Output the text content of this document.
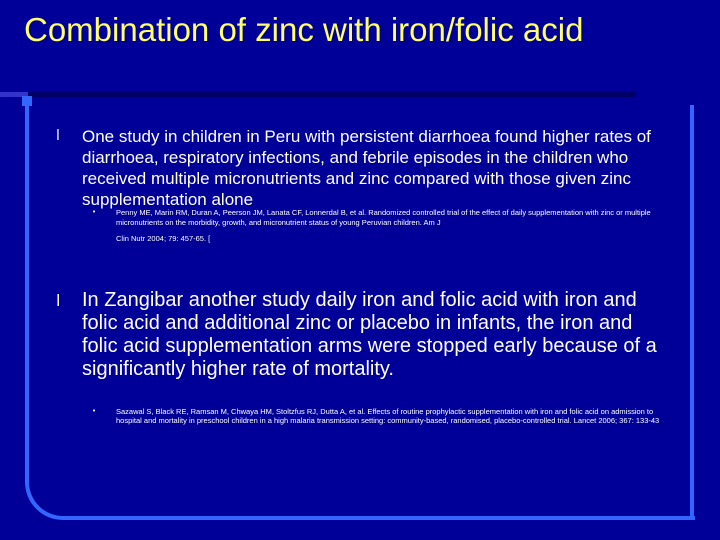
Combination of zinc with iron/folic acid
l One study in children in Peru with persistent diarrhoea found higher rates of diarrhoea, respiratory infections, and febrile episodes in the children who received multiple micronutrients and zinc compared with those given zinc supplementation alone

•	Penny ME, Marin RM, Duran A, Peerson JM, Lanata CF, Lonnerdal B, et al. Randomized controlled trial of the effect of daily supplementation with zinc or multiple micronutrients on the morbidity, growth, and micronutrient status of young Peruvian children. Am J
Clin Nutr 2004; 79: 457-65. [

l In Zangibar another study daily iron and folic acid with iron and folic acid and additional zinc or placebo in infants, the iron and folic acid supplementation arms were stopped early because of a significantly higher rate of mortality.

•	Sazawal S, Black RE, Ramsan M, Chwaya HM, Stoltzfus RJ, Dutta A, et al. Effects of routine prophylactic supplementation with iron and folic acid on admission to hospital and mortality in preschool children in a high malaria transmission setting: community-based, randomised, placebo-controlled trial. Lancet 2006; 367: 133-43
